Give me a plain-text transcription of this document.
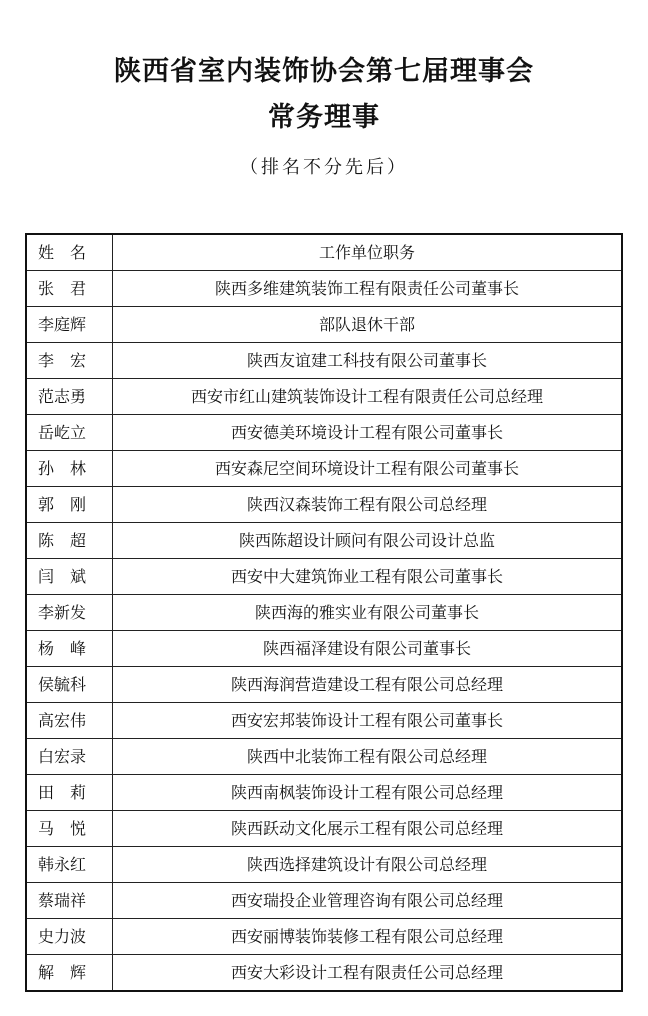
陕西省室内装饰协会第七届理事会
常务理事
（排名不分先后）
姓　名	工作单位职务
张　君	陕西多维建筑装饰工程有限责任公司董事长
李庭辉	部队退休干部
李　宏	陕西友谊建工科技有限公司董事长
范志勇	西安市红山建筑装饰设计工程有限责任公司总经理
岳屹立	西安德美环境设计工程有限公司董事长
孙　林	西安森尼空间环境设计工程有限公司董事长
郭　刚	陕西汉森装饰工程有限公司总经理
陈　超	陕西陈超设计顾问有限公司设计总监
闫　斌	西安中大建筑饰业工程有限公司董事长
李新发	陕西海的雅实业有限公司董事长
杨　峰	陕西福泽建设有限公司董事长
侯毓科	陕西海润营造建设工程有限公司总经理
高宏伟	西安宏邦装饰设计工程有限公司董事长
白宏录	陕西中北装饰工程有限公司总经理
田　莉	陕西南枫装饰设计工程有限公司总经理
马　悦	陕西跃动文化展示工程有限公司总经理
韩永红	陕西选择建筑设计有限公司总经理
蔡瑞祥	西安瑞投企业管理咨询有限公司总经理
史力波	西安丽博装饰装修工程有限公司总经理
解　辉	西安大彩设计工程有限责任公司总经理
